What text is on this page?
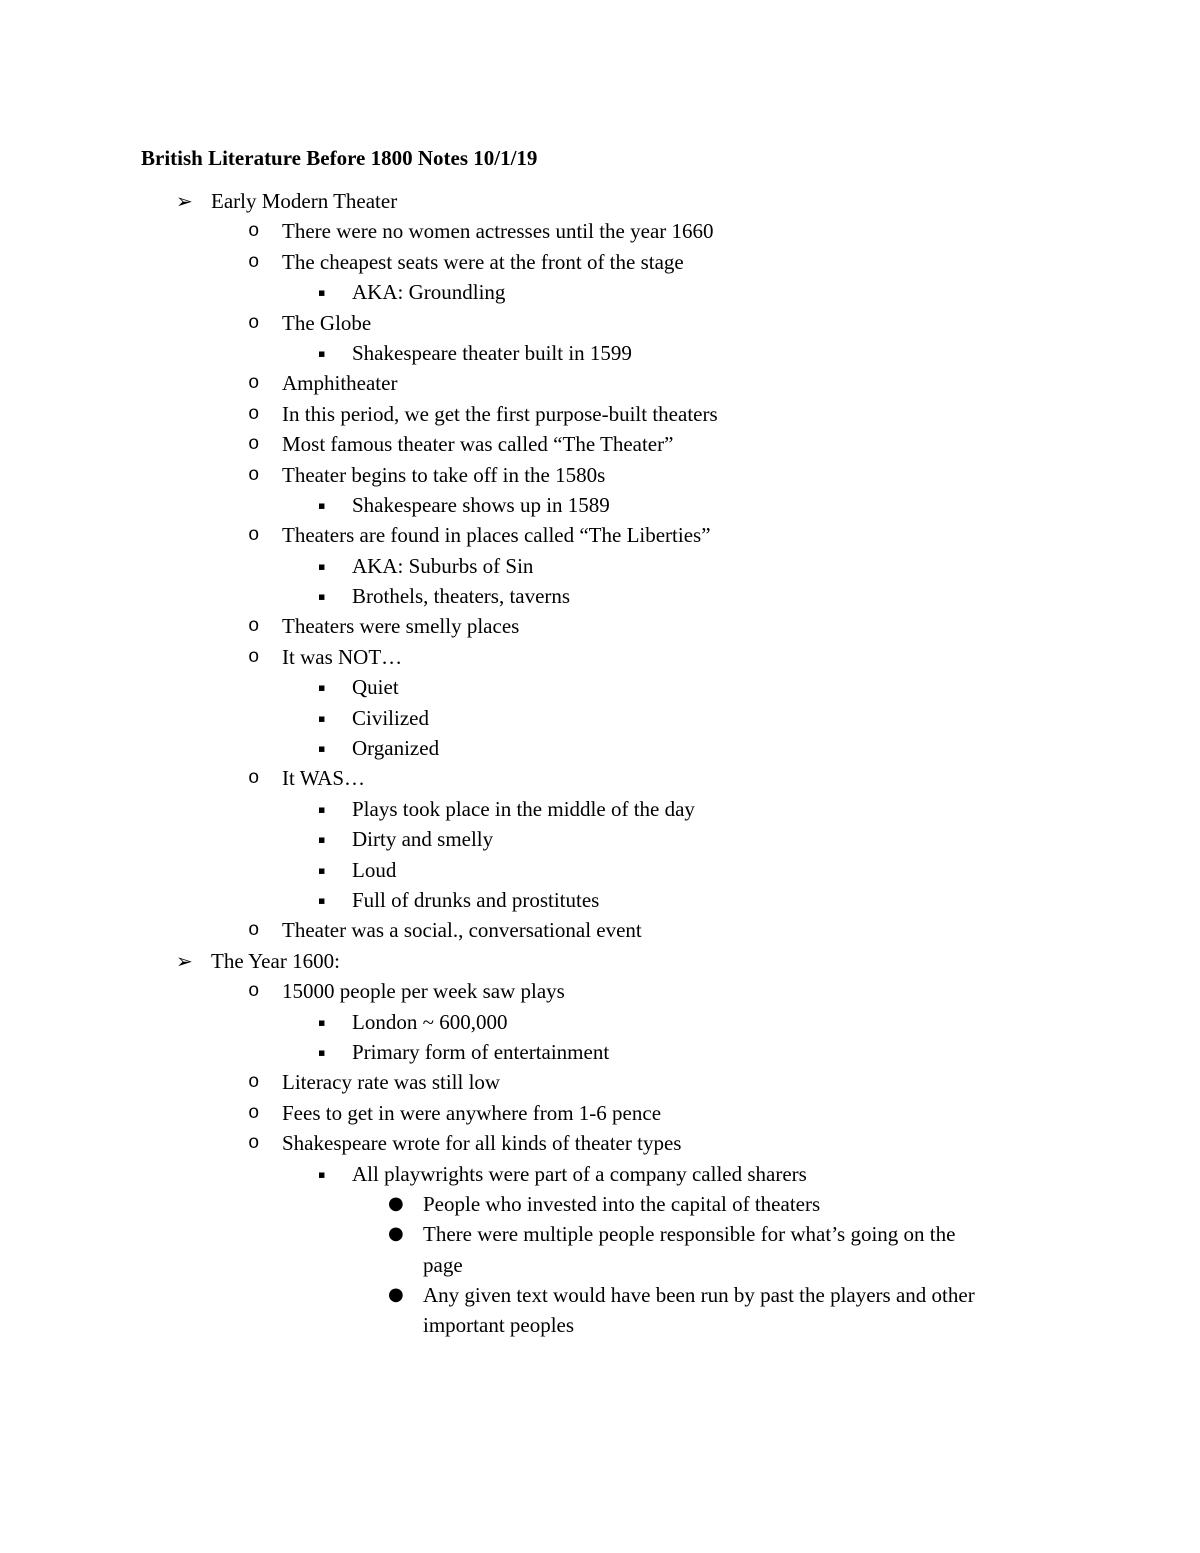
British Literature Before 1800 Notes 10/1/19
➢ Early Modern Theater
o There were no women actresses until the year 1660
o The cheapest seats were at the front of the stage
▪ AKA: Groundling
o The Globe
▪ Shakespeare theater built in 1599
o Amphitheater
o In this period, we get the first purpose-built theaters
o Most famous theater was called “The Theater”
o Theater begins to take off in the 1580s
▪ Shakespeare shows up in 1589
o Theaters are found in places called “The Liberties”
▪ AKA: Suburbs of Sin
▪ Brothels, theaters, taverns
o Theaters were smelly places
o It was NOT…
▪ Quiet
▪ Civilized
▪ Organized
o It WAS…
▪ Plays took place in the middle of the day
▪ Dirty and smelly
▪ Loud
▪ Full of drunks and prostitutes
o Theater was a social., conversational event
➢ The Year 1600:
o 15000 people per week saw plays
▪ London ~ 600,000
▪ Primary form of entertainment
o Literacy rate was still low
o Fees to get in were anywhere from 1-6 pence
o Shakespeare wrote for all kinds of theater types
▪ All playwrights were part of a company called sharers
● People who invested into the capital of theaters
● There were multiple people responsible for what’s going on the
page
● Any given text would have been run by past the players and other
important peoples
